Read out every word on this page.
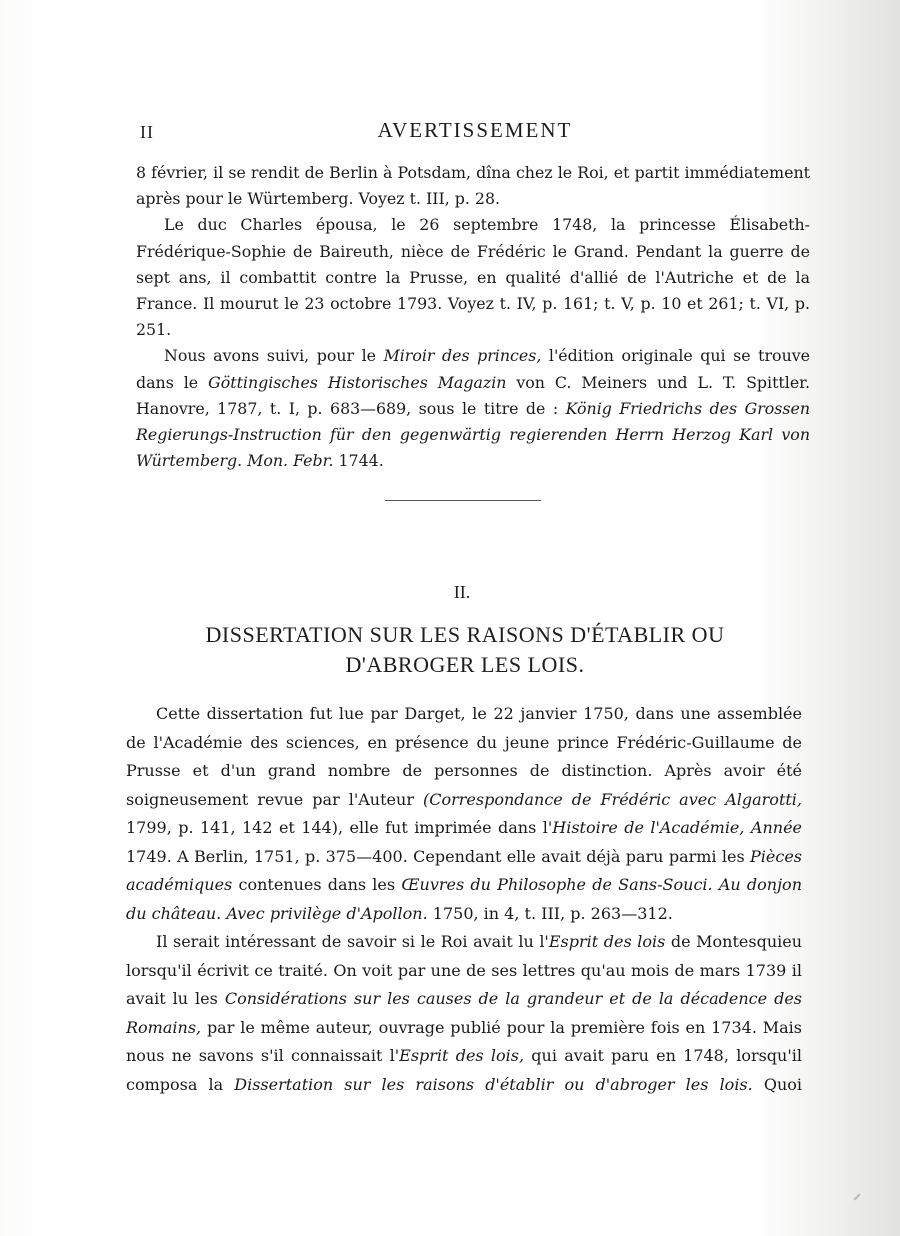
II	AVERTISSEMENT

8 février, il se rendit de Berlin à Potsdam, dîna chez le Roi, et partit immédiatement après pour le Würtemberg. Voyez t. III, p. 28.

Le duc Charles épousa, le 26 septembre 1748, la princesse Élisabeth-Frédérique-Sophie de Baireuth, nièce de Frédéric le Grand. Pendant la guerre de sept ans, il combattit contre la Prusse, en qualité d'allié de l'Autriche et de la France. Il mourut le 23 octobre 1793. Voyez t. IV, p. 161; t. V, p. 10 et 261; t. VI, p. 251.

Nous avons suivi, pour le Miroir des princes, l'édition originale qui se trouve dans le Göttingisches Historisches Magazin von C. Meiners und L. T. Spittler. Hanovre, 1787, t. I, p. 683—689, sous le titre de : König Friedrichs des Grossen Regierungs-Instruction für den gegenwärtig regierenden Herrn Herzog Karl von Würtemberg. Mon. Febr. 1744.

II.
DISSERTATION SUR LES RAISONS D'ÉTABLIR OU
D'ABROGER LES LOIS.

Cette dissertation fut lue par Darget, le 22 janvier 1750, dans une assemblée de l'Académie des sciences, en présence du jeune prince Frédéric-Guillaume de Prusse et d'un grand nombre de personnes de distinction. Après avoir été soigneusement revue par l'Auteur (Correspondance de Frédéric avec Algarotti, 1799, p. 141, 142 et 144), elle fut imprimée dans l'Histoire de l'Académie, Année 1749. A Berlin, 1751, p. 375—400. Cependant elle avait déjà paru parmi les Pièces académiques contenues dans les Œuvres du Philosophe de Sans-Souci. Au donjon du château. Avec privilège d'Apollon. 1750, in 4, t. III, p. 263—312.

Il serait intéressant de savoir si le Roi avait lu l'Esprit des lois de Montesquieu lorsqu'il écrivit ce traité. On voit par une de ses lettres qu'au mois de mars 1739 il avait lu les Considérations sur les causes de la grandeur et de la décadence des Romains, par le même auteur, ouvrage publié pour la première fois en 1734. Mais nous ne savons s'il connaissait l'Esprit des lois, qui avait paru en 1748, lorsqu'il composa la Dissertation sur les raisons d'établir ou d'abroger les lois. Quoi
